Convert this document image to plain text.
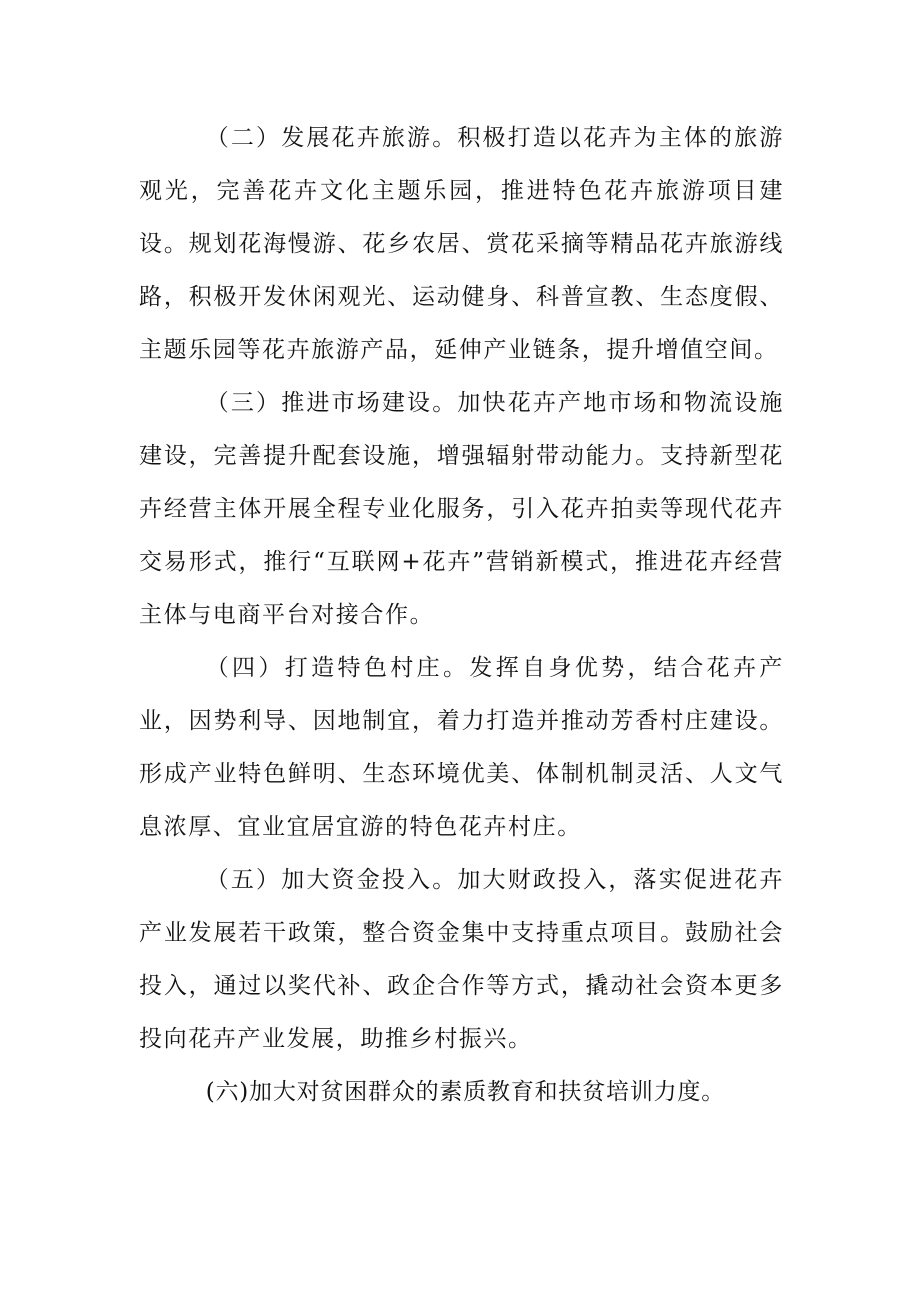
（二）发展花卉旅游。积极打造以花卉为主体的旅游观光，完善花卉文化主题乐园，推进特色花卉旅游项目建设。规划花海慢游、花乡农居、赏花采摘等精品花卉旅游线路，积极开发休闲观光、运动健身、科普宣教、生态度假、主题乐园等花卉旅游产品，延伸产业链条，提升增值空间。

（三）推进市场建设。加快花卉产地市场和物流设施建设，完善提升配套设施，增强辐射带动能力。支持新型花卉经营主体开展全程专业化服务，引入花卉拍卖等现代花卉交易形式，推行“互联网+花卉”营销新模式，推进花卉经营主体与电商平台对接合作。

（四）打造特色村庄。发挥自身优势，结合花卉产业，因势利导、因地制宜，着力打造并推动芳香村庄建设。形成产业特色鲜明、生态环境优美、体制机制灵活、人文气息浓厚、宜业宜居宜游的特色花卉村庄。

（五）加大资金投入。加大财政投入，落实促进花卉产业发展若干政策，整合资金集中支持重点项目。鼓励社会投入，通过以奖代补、政企合作等方式，撬动社会资本更多投向花卉产业发展，助推乡村振兴。

(六)加大对贫困群众的素质教育和扶贫培训力度。
